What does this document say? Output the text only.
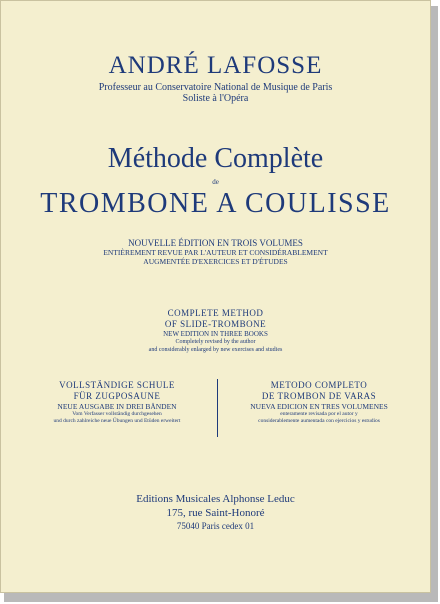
ANDRÉ LAFOSSE
Professeur au Conservatoire National de Musique de Paris
Soliste à l'Opéra
Méthode Complète
de
TROMBONE A COULISSE
NOUVELLE ÉDITION EN TROIS VOLUMES
ENTIÈREMENT REVUE PAR L'AUTEUR ET CONSIDÉRABLEMENT
AUGMENTÉE D'EXERCICES ET D'ÉTUDES
COMPLETE METHOD
OF SLIDE-TROMBONE
NEW EDITION IN THREE BOOKS
Completely revised by the author
and considerably enlarged by new exercises and studies
VOLLSTÄNDIGE SCHULE
FÜR ZUGPOSAUNE
NEUE AUSGABE IN DREI BÄNDEN
Vom Verfasser vollständig durchgesehen
und durch zahlreiche neue Übungen und Etüden erweitert
METODO COMPLETO
DE TROMBON DE VARAS
NUEVA EDICION EN TRES VOLUMENES
enteramente revisada por el autor y
considerablemente aumentada con ejercicios y estudios
Editions Musicales Alphonse Leduc
175, rue Saint-Honoré
75040 Paris cedex 01
